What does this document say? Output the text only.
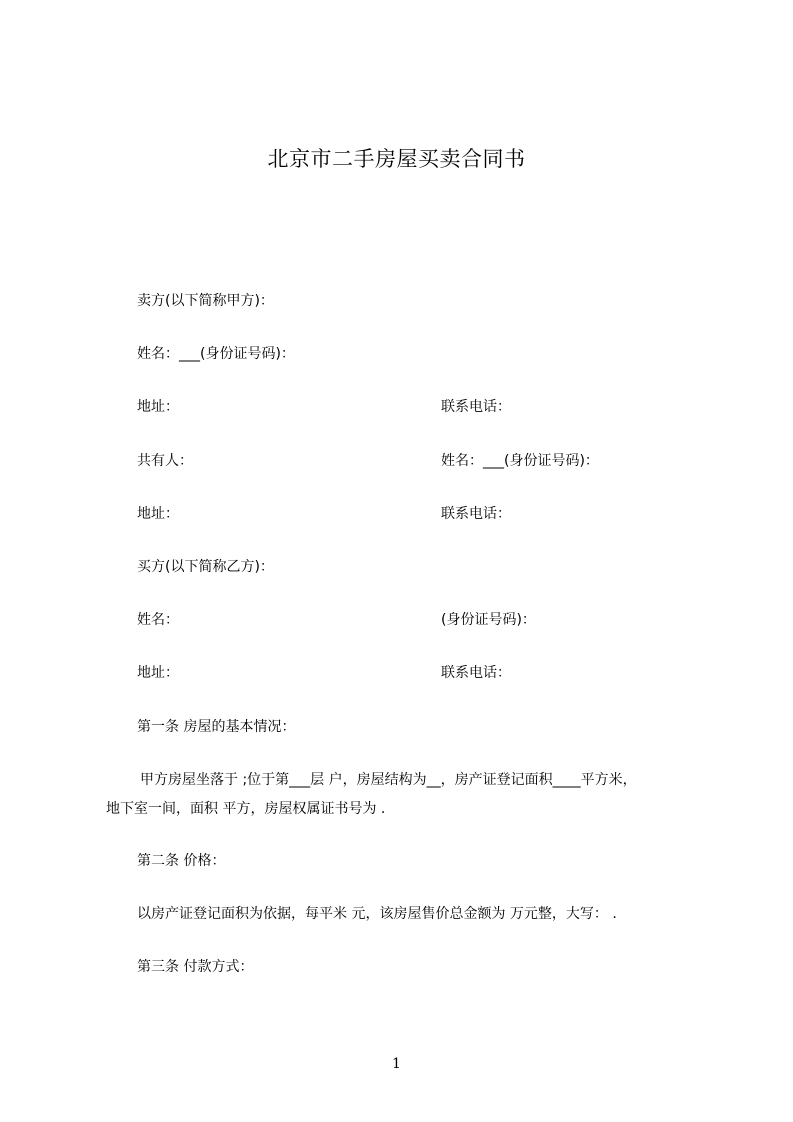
北京市二手房屋买卖合同书
卖方(以下简称甲方)：
姓名：___(身份证号码)：
地址：	联系电话：
共有人：	姓名：___(身份证号码)：
地址：	联系电话：
买方(以下简称乙方)：
姓名：	(身份证号码)：
地址：	联系电话：
第一条 房屋的基本情况：
甲方房屋坐落于 ;位于第___层 户，房屋结构为__，房产证登记面积____平方米，
地下室一间，面积 平方，房屋权属证书号为 .
第二条 价格：
以房产证登记面积为依据，每平米 元，该房屋售价总金额为 万元整，大写： .
第三条 付款方式：
1
